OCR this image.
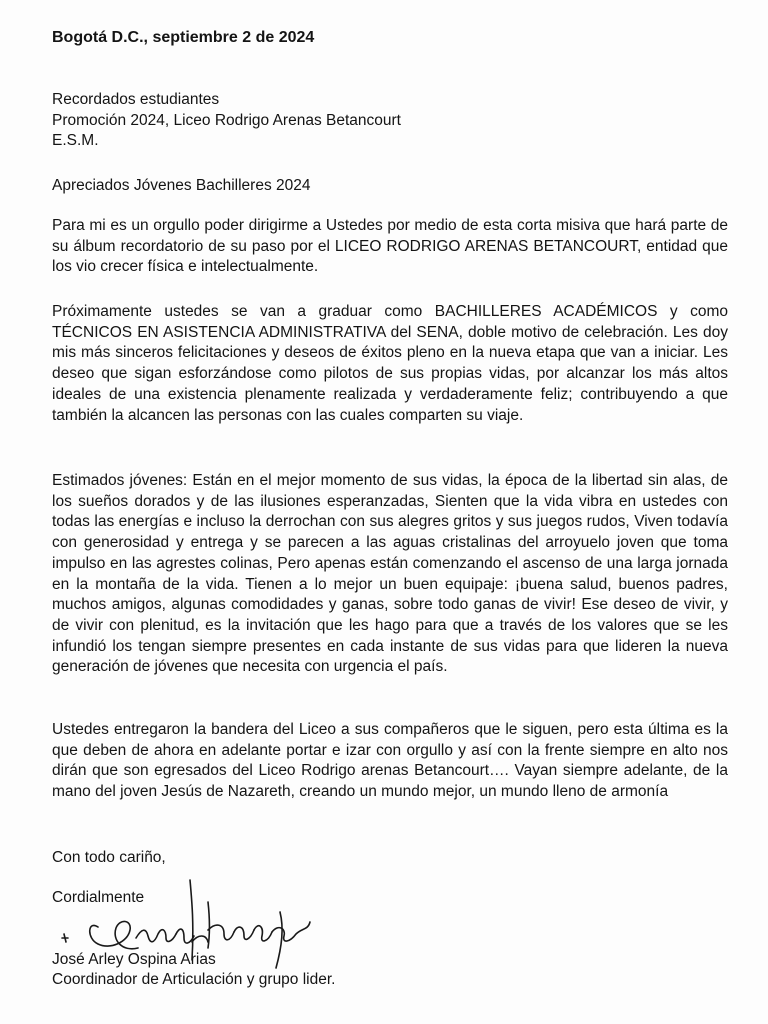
Bogotá D.C., septiembre 2 de 2024

Recordados estudiantes
Promoción 2024, Liceo Rodrigo Arenas Betancourt
E.S.M.

Apreciados Jóvenes Bachilleres 2024

Para mi es un orgullo poder dirigirme a Ustedes por medio de esta corta misiva que hará parte de su álbum recordatorio de su paso por el LICEO RODRIGO ARENAS BETANCOURT, entidad que los vio crecer física e intelectualmente.

Próximamente ustedes se van a graduar como BACHILLERES ACADÉMICOS y como TÉCNICOS EN ASISTENCIA ADMINISTRATIVA del SENA, doble motivo de celebración. Les doy mis más sinceros felicitaciones y deseos de éxitos pleno en la nueva etapa que van a iniciar. Les deseo que sigan esforzándose como pilotos de sus propias vidas, por alcanzar los más altos ideales de una existencia plenamente realizada y verdaderamente feliz; contribuyendo a que también la alcancen las personas con las cuales comparten su viaje.

Estimados jóvenes: Están en el mejor momento de sus vidas, la época de la libertad sin alas, de los sueños dorados y de las ilusiones esperanzadas, Sienten que la vida vibra en ustedes con todas las energías e incluso la derrochan con sus alegres gritos y sus juegos rudos, Viven todavía con generosidad y entrega y se parecen a las aguas cristalinas del arroyuelo joven que toma impulso en las agrestes colinas, Pero apenas están comenzando el ascenso de una larga jornada en la montaña de la vida. Tienen a lo mejor un buen equipaje: ¡buena salud, buenos padres, muchos amigos, algunas comodidades y ganas, sobre todo ganas de vivir! Ese deseo de vivir, y de vivir con plenitud, es la invitación que les hago para que a través de los valores que se les infundió los tengan siempre presentes en cada instante de sus vidas para que lideren la nueva generación de jóvenes que necesita con urgencia el país.

Ustedes entregaron la bandera del Liceo a sus compañeros que le siguen, pero esta última es la que deben de ahora en adelante portar e izar con orgullo y así con la frente siempre en alto nos dirán que son egresados del Liceo Rodrigo arenas Betancourt…. Vayan siempre adelante, de la mano del joven Jesús de Nazareth, creando un mundo mejor, un mundo lleno de armonía

Con todo cariño,

Cordialmente

José Arley Ospina Arias
Coordinador de Articulación y grupo lider.
